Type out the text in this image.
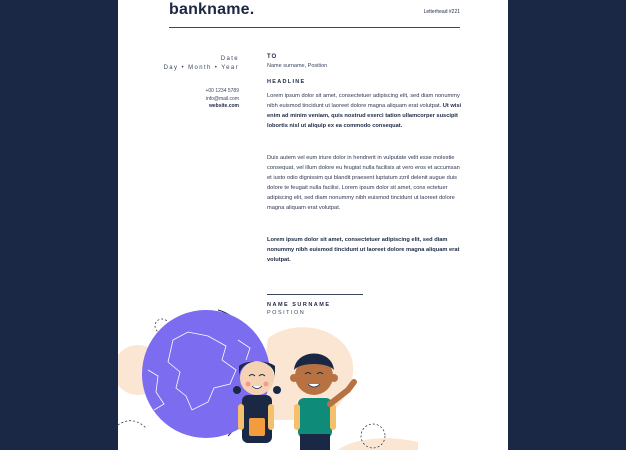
bankname.	Letterhead #221
Date
Day • Month • Year
+00 1234 5789
info@mail.com
website.com
TO
Name surname, Position
HEADLINE
Lorem ipsum dolor sit amet, consectetuer adipiscing elit, sed diam nonummy nibh euismod tincidunt ut laoreet dolore magna aliquam erat volutpat. Ut wisi enim ad minim veniam, quis nostrud exerci tation ullamcorper suscipit lobortis nisl ut aliquip ex ea commodo consequat.
Duis autem vel eum iriure dolor in hendrerit in vulputate velit esse molestie consequat, vel illum dolore eu feugiat nulla facilisis at vero eros et accumsan et iusto odio dignissim qui blandit praesent luptatum zzril delenit augue duis dolore te feugait nulla facilisi. Lorem ipsum dolor sit amet, cons ectetuer adipiscing elit, sed diam nonummy nibh euismod tincidunt ut laoreet dolore magna aliquam erat volutpat.
Lorem ipsum dolor sit amet, consectetuer adipiscing elit, sed diam nonummy nibh euismod tincidunt ut laoreet dolore magna aliquam erat volutpat.
NAME SURNAME
POSITION
